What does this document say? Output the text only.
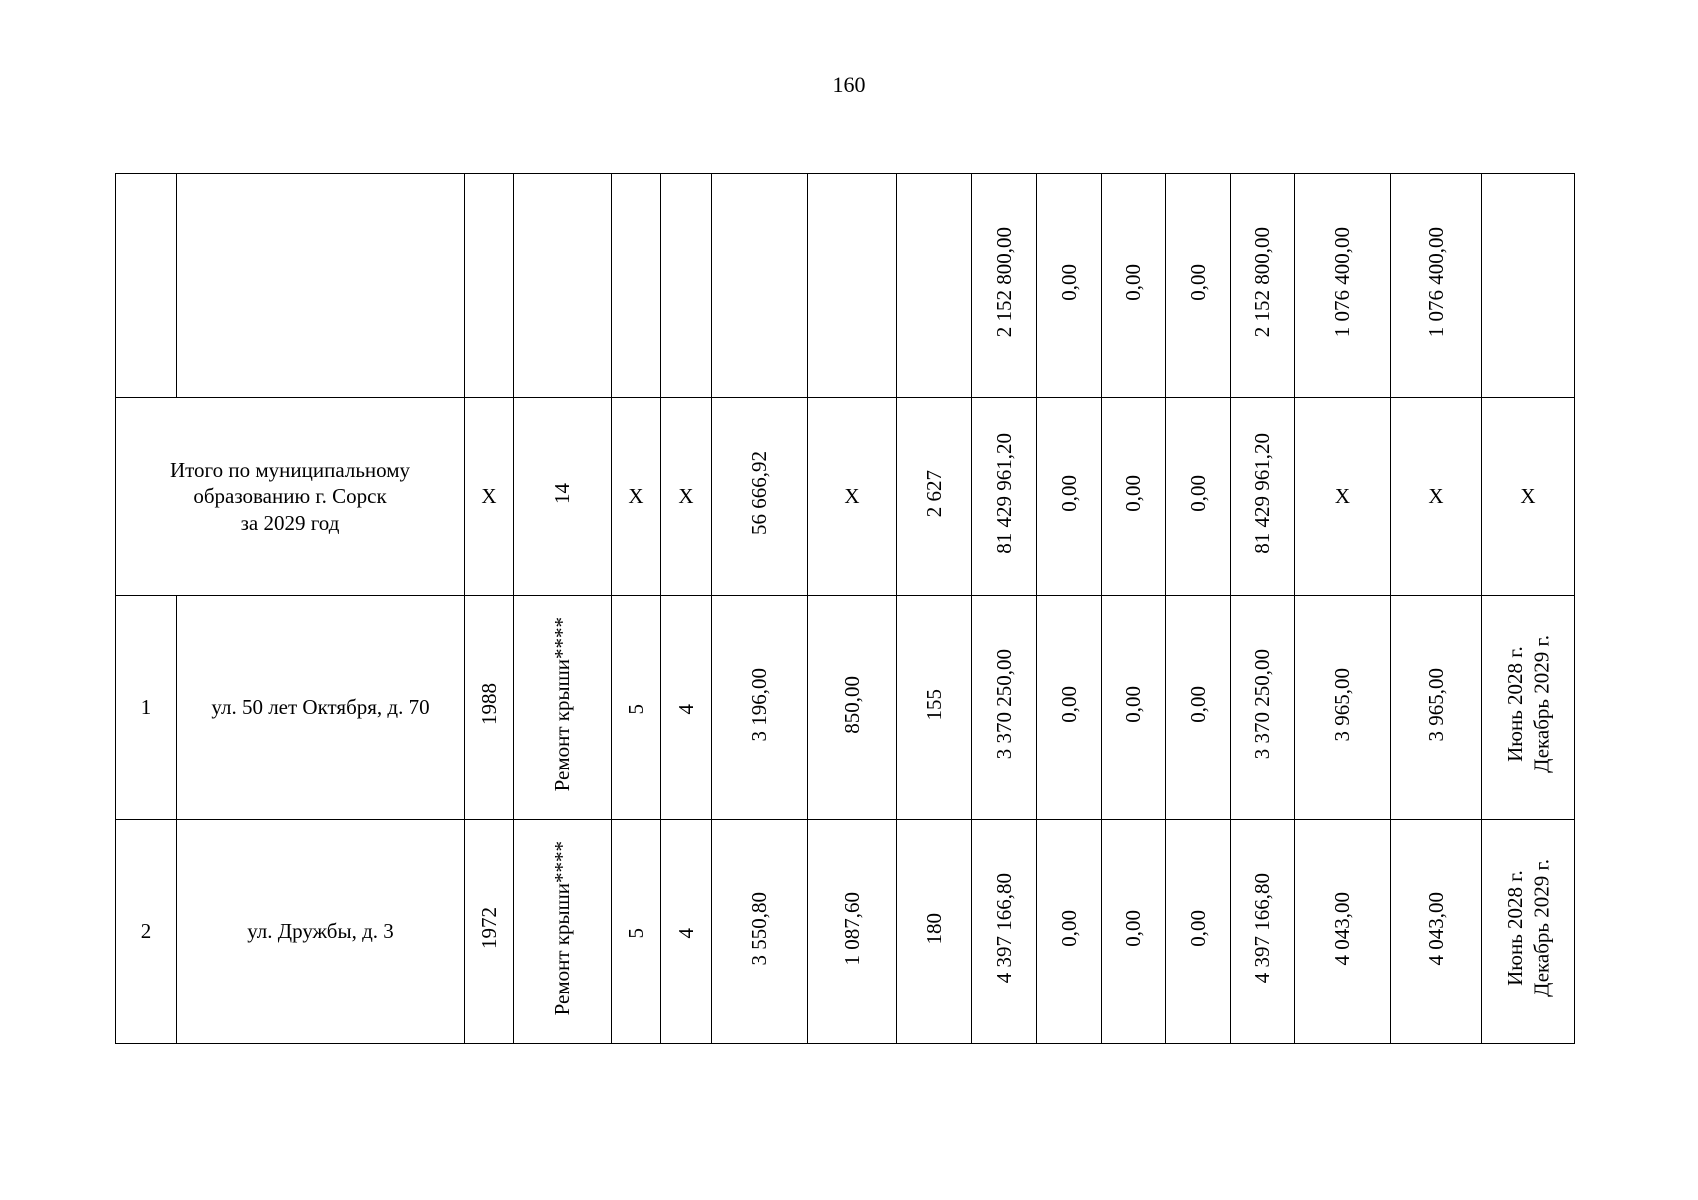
160
									2 152 800,00	0,00	0,00	0,00	2 152 800,00	1 076 400,00	1 076 400,00	
Итого по муниципальному
образованию г. Сорск
за 2029 год		Х	14	Х	Х	56 666,92	Х	2 627	81 429 961,20	0,00	0,00	0,00	81 429 961,20	Х	Х	Х
1	ул. 50 лет Октября, д. 70	1988	Ремонт крыши****	5	4	3 196,00	850,00	155	3 370 250,00	0,00	0,00	0,00	3 370 250,00	3 965,00	3 965,00	Июнь 2028 г.
Декабрь 2029 г.
2	ул. Дружбы, д. 3	1972	Ремонт крыши****	5	4	3 550,80	1 087,60	180	4 397 166,80	0,00	0,00	0,00	4 397 166,80	4 043,00	4 043,00	Июнь 2028 г.
Декабрь 2029 г.
